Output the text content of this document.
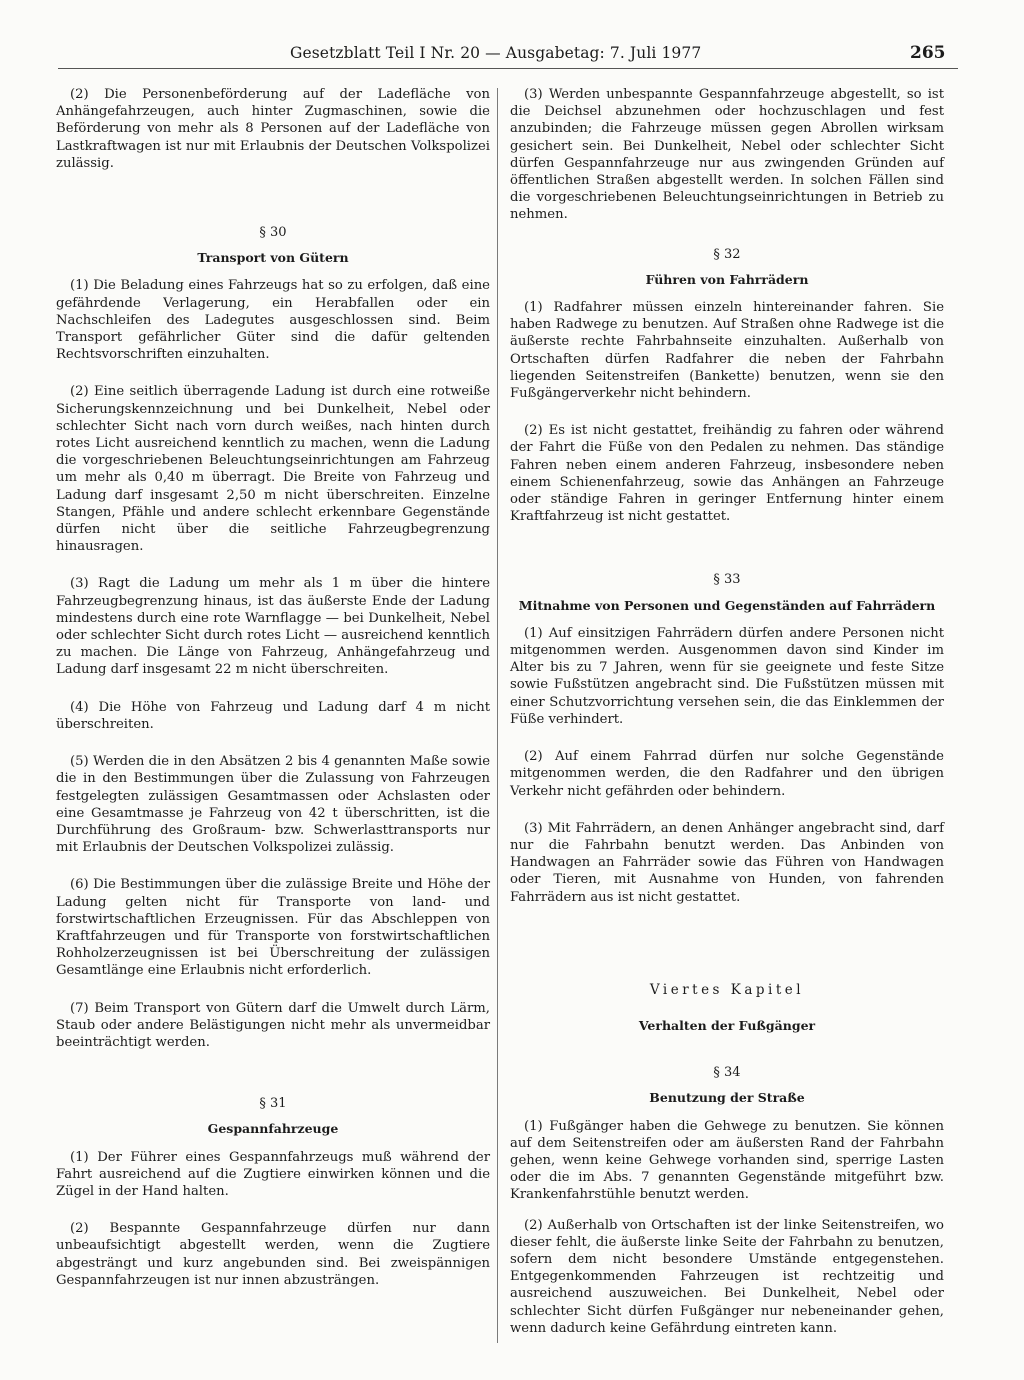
Gesetzblatt Teil I Nr. 20 — Ausgabetag: 7. Juli 1977	265

(2) Die Personenbeförderung auf der Ladefläche von Anhängefahrzeugen, auch hinter Zugmaschinen, sowie die Beförderung von mehr als 8 Personen auf der Ladefläche von Lastkraftwagen ist nur mit Erlaubnis der Deutschen Volkspolizei zulässig.

§ 30
Transport von Gütern

(1) Die Beladung eines Fahrzeugs hat so zu erfolgen, daß eine gefährdende Verlagerung, ein Herabfallen oder ein Nachschleifen des Ladegutes ausgeschlossen sind. Beim Transport gefährlicher Güter sind die dafür geltenden Rechtsvorschriften einzuhalten.

(2) Eine seitlich überragende Ladung ist durch eine rotweiße Sicherungskennzeichnung und bei Dunkelheit, Nebel oder schlechter Sicht nach vorn durch weißes, nach hinten durch rotes Licht ausreichend kenntlich zu machen, wenn die Ladung die vorgeschriebenen Beleuchtungseinrichtungen am Fahrzeug um mehr als 0,40 m überragt. Die Breite von Fahrzeug und Ladung darf insgesamt 2,50 m nicht überschreiten. Einzelne Stangen, Pfähle und andere schlecht erkennbare Gegenstände dürfen nicht über die seitliche Fahrzeugbegrenzung hinausragen.

(3) Ragt die Ladung um mehr als 1 m über die hintere Fahrzeugbegrenzung hinaus, ist das äußerste Ende der Ladung mindestens durch eine rote Warnflagge — bei Dunkelheit, Nebel oder schlechter Sicht durch rotes Licht — ausreichend kenntlich zu machen. Die Länge von Fahrzeug, Anhängefahrzeug und Ladung darf insgesamt 22 m nicht überschreiten.

(4) Die Höhe von Fahrzeug und Ladung darf 4 m nicht überschreiten.

(5) Werden die in den Absätzen 2 bis 4 genannten Maße sowie die in den Bestimmungen über die Zulassung von Fahrzeugen festgelegten zulässigen Gesamtmassen oder Achslasten oder eine Gesamtmasse je Fahrzeug von 42 t überschritten, ist die Durchführung des Großraum- bzw. Schwerlasttransports nur mit Erlaubnis der Deutschen Volkspolizei zulässig.

(6) Die Bestimmungen über die zulässige Breite und Höhe der Ladung gelten nicht für Transporte von land- und forstwirtschaftlichen Erzeugnissen. Für das Abschleppen von Kraftfahrzeugen und für Transporte von forstwirtschaftlichen Rohholzerzeugnissen ist bei Überschreitung der zulässigen Gesamtlänge eine Erlaubnis nicht erforderlich.

(7) Beim Transport von Gütern darf die Umwelt durch Lärm, Staub oder andere Belästigungen nicht mehr als unvermeidbar beeinträchtigt werden.

§ 31
Gespannfahrzeuge

(1) Der Führer eines Gespannfahrzeugs muß während der Fahrt ausreichend auf die Zugtiere einwirken können und die Zügel in der Hand halten.

(2) Bespannte Gespannfahrzeuge dürfen nur dann unbeaufsichtigt abgestellt werden, wenn die Zugtiere abgesträngt und kurz angebunden sind. Bei zweispännigen Gespannfahrzeugen ist nur innen abzusträngen.

(3) Werden unbespannte Gespannfahrzeuge abgestellt, so ist die Deichsel abzunehmen oder hochzuschlagen und fest anzubinden; die Fahrzeuge müssen gegen Abrollen wirksam gesichert sein. Bei Dunkelheit, Nebel oder schlechter Sicht dürfen Gespannfahrzeuge nur aus zwingenden Gründen auf öffentlichen Straßen abgestellt werden. In solchen Fällen sind die vorgeschriebenen Beleuchtungseinrichtungen in Betrieb zu nehmen.

§ 32
Führen von Fahrrädern

(1) Radfahrer müssen einzeln hintereinander fahren. Sie haben Radwege zu benutzen. Auf Straßen ohne Radwege ist die äußerste rechte Fahrbahnseite einzuhalten. Außerhalb von Ortschaften dürfen Radfahrer die neben der Fahrbahn liegenden Seitenstreifen (Bankette) benutzen, wenn sie den Fußgängerverkehr nicht behindern.

(2) Es ist nicht gestattet, freihändig zu fahren oder während der Fahrt die Füße von den Pedalen zu nehmen. Das ständige Fahren neben einem anderen Fahrzeug, insbesondere neben einem Schienenfahrzeug, sowie das Anhängen an Fahrzeuge oder ständige Fahren in geringer Entfernung hinter einem Kraftfahrzeug ist nicht gestattet.

§ 33
Mitnahme von Personen und Gegenständen auf Fahrrädern

(1) Auf einsitzigen Fahrrädern dürfen andere Personen nicht mitgenommen werden. Ausgenommen davon sind Kinder im Alter bis zu 7 Jahren, wenn für sie geeignete und feste Sitze sowie Fußstützen angebracht sind. Die Fußstützen müssen mit einer Schutzvorrichtung versehen sein, die das Einklemmen der Füße verhindert.

(2) Auf einem Fahrrad dürfen nur solche Gegenstände mitgenommen werden, die den Radfahrer und den übrigen Verkehr nicht gefährden oder behindern.

(3) Mit Fahrrädern, an denen Anhänger angebracht sind, darf nur die Fahrbahn benutzt werden. Das Anbinden von Handwagen an Fahrräder sowie das Führen von Handwagen oder Tieren, mit Ausnahme von Hunden, von fahrenden Fahrrädern aus ist nicht gestattet.

Viertes Kapitel
Verhalten der Fußgänger
§ 34
Benutzung der Straße

(1) Fußgänger haben die Gehwege zu benutzen. Sie können auf dem Seitenstreifen oder am äußersten Rand der Fahrbahn gehen, wenn keine Gehwege vorhanden sind, sperrige Lasten oder die im Abs. 7 genannten Gegenstände mitgeführt bzw. Krankenfahrstühle benutzt werden.

(2) Außerhalb von Ortschaften ist der linke Seitenstreifen, wo dieser fehlt, die äußerste linke Seite der Fahrbahn zu benutzen, sofern dem nicht besondere Umstände entgegenstehen. Entgegenkommenden Fahrzeugen ist rechtzeitig und ausreichend auszuweichen. Bei Dunkelheit, Nebel oder schlechter Sicht dürfen Fußgänger nur nebeneinander gehen, wenn dadurch keine Gefährdung eintreten kann.
